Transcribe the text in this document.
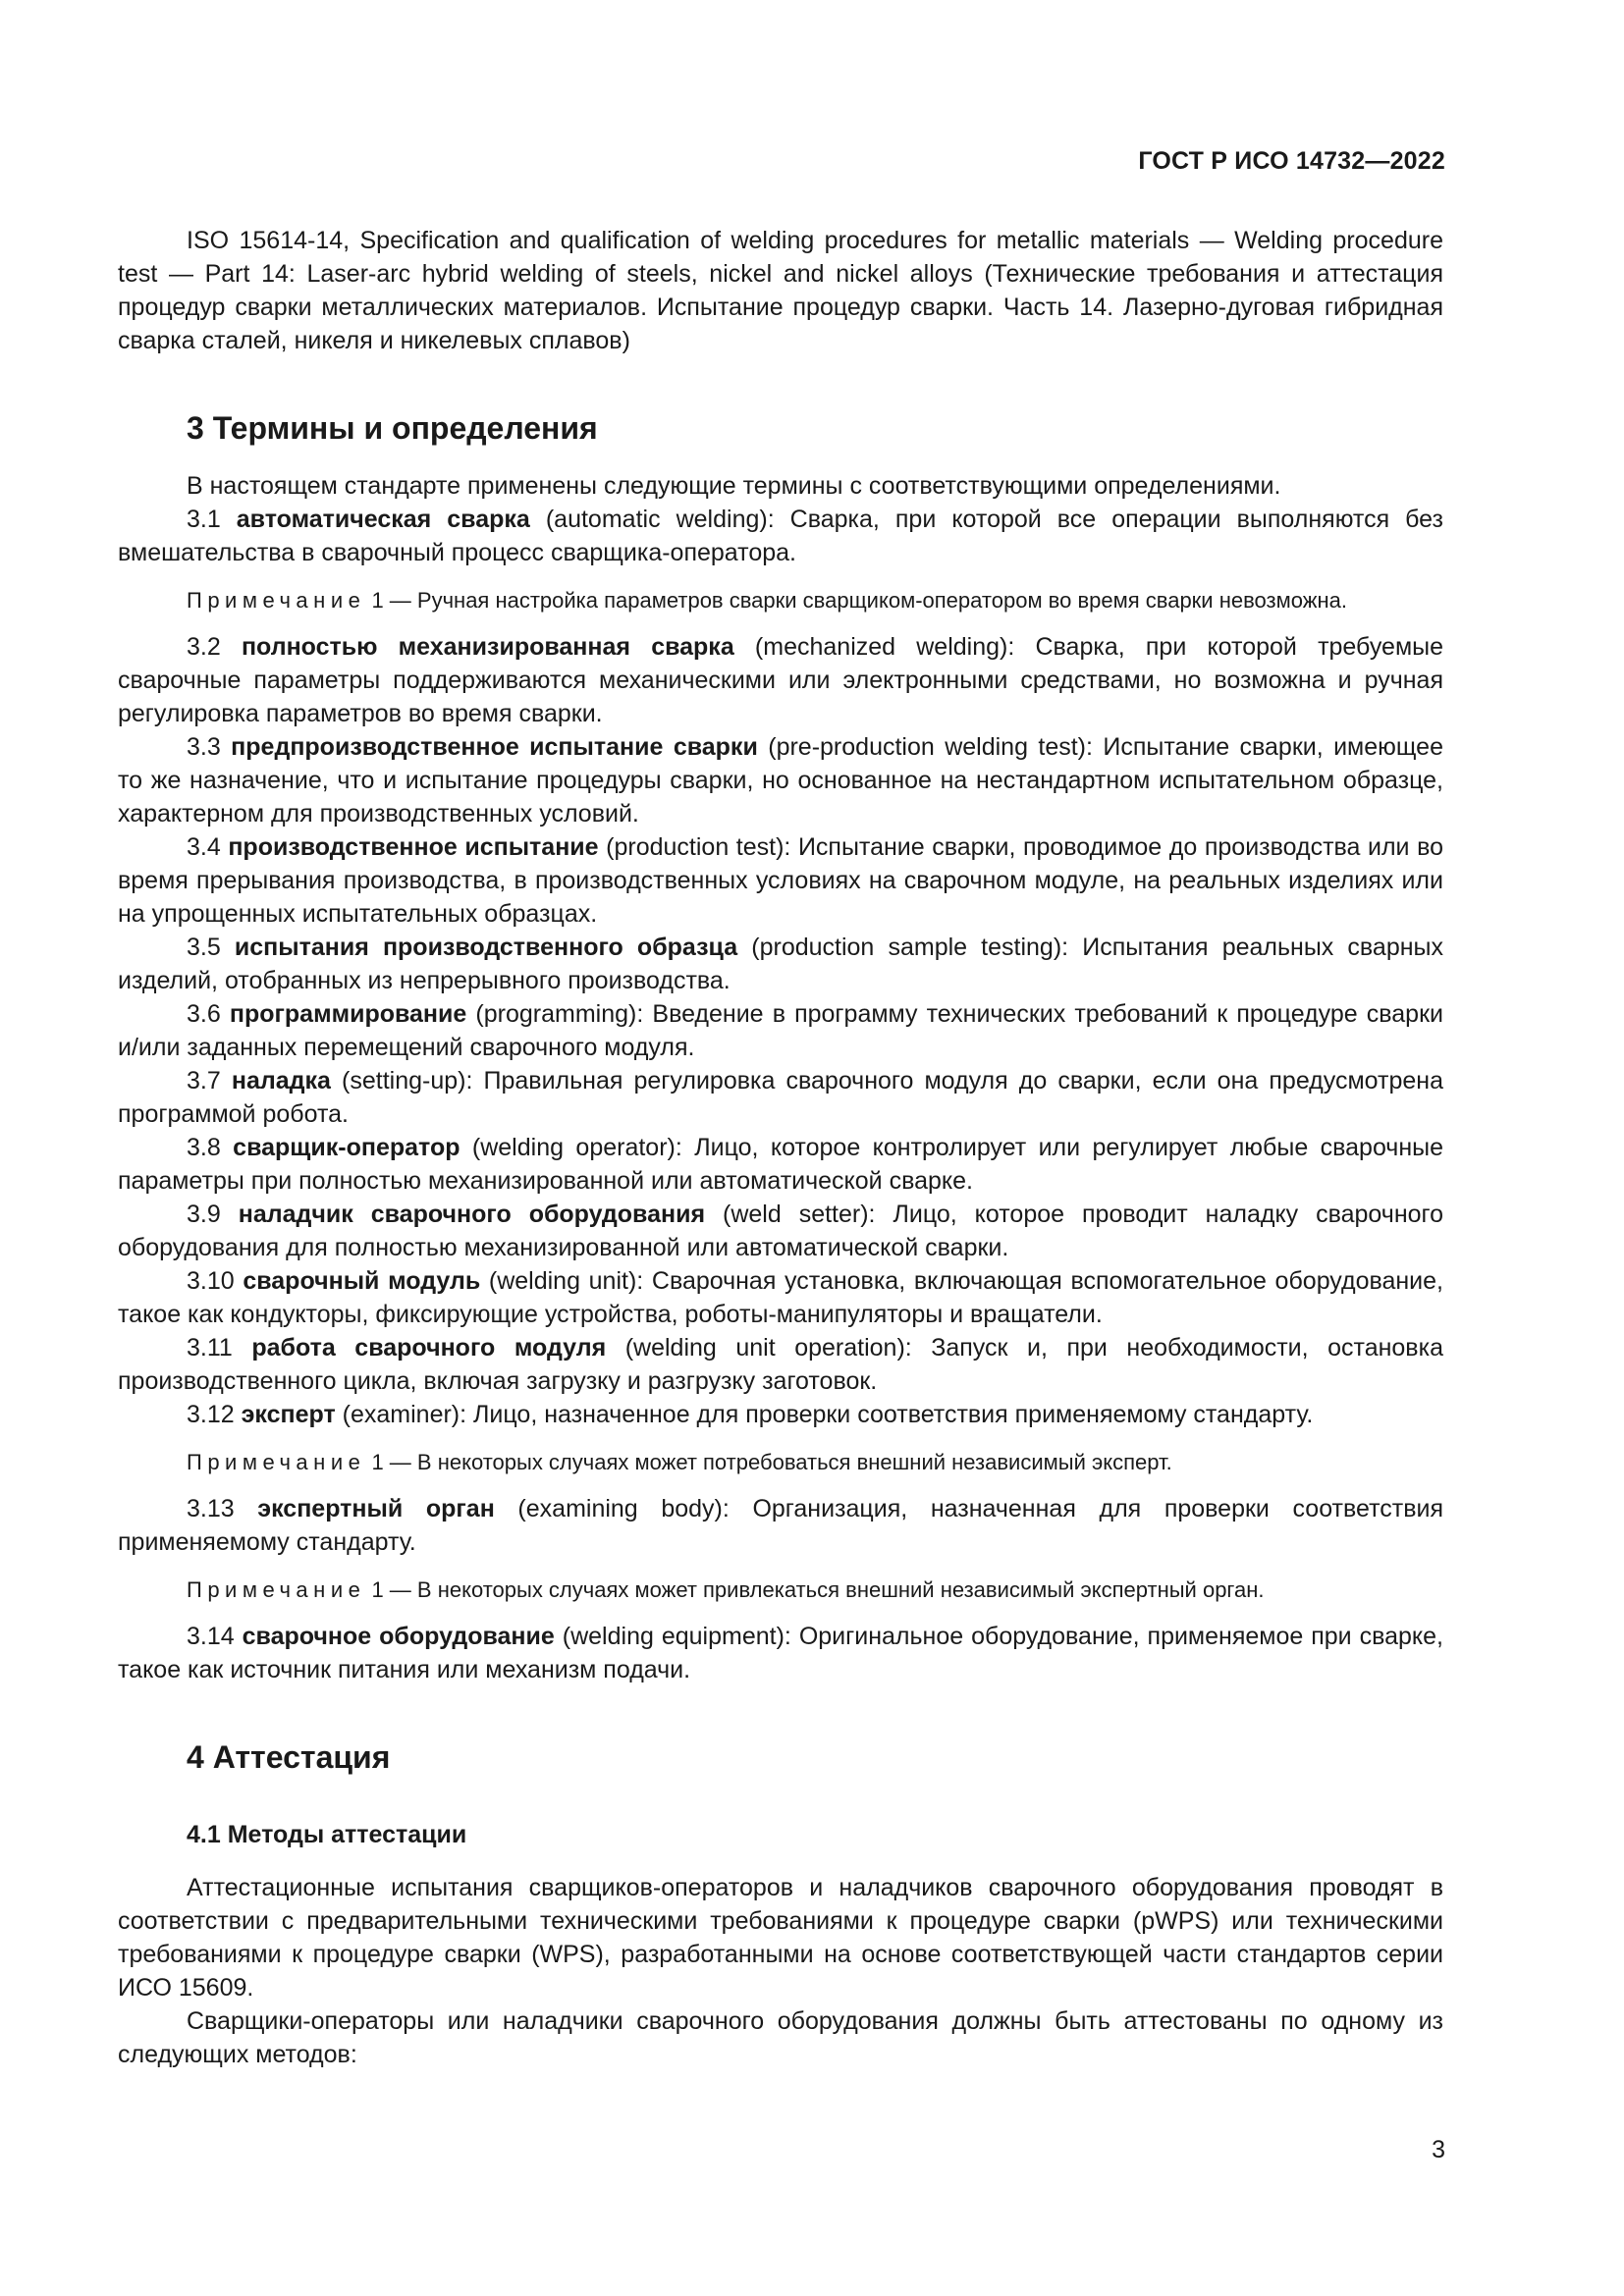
ГОСТ Р ИСО 14732—2022

ISO 15614-14, Specification and qualification of welding procedures for metallic materials — Welding procedure test — Part 14: Laser-arc hybrid welding of steels, nickel and nickel alloys (Технические требования и аттестация процедур сварки металлических материалов. Испытание процедур сварки. Часть 14. Лазерно-дуговая гибридная сварка сталей, никеля и никелевых сплавов)

3 Термины и определения

В настоящем стандарте применены следующие термины с соответствующими определениями.

3.1 автоматическая сварка (automatic welding): Сварка, при которой все операции выполняются без вмешательства в сварочный процесс сварщика-оператора.

Примечание 1 — Ручная настройка параметров сварки сварщиком-оператором во время сварки невозможна.

3.2 полностью механизированная сварка (mechanized welding): Сварка, при которой требуемые сварочные параметры поддерживаются механическими или электронными средствами, но возможна и ручная регулировка параметров во время сварки.

3.3 предпроизводственное испытание сварки (pre-production welding test): Испытание сварки, имеющее то же назначение, что и испытание процедуры сварки, но основанное на нестандартном испытательном образце, характерном для производственных условий.

3.4 производственное испытание (production test): Испытание сварки, проводимое до производства или во время прерывания производства, в производственных условиях на сварочном модуле, на реальных изделиях или на упрощенных испытательных образцах.

3.5 испытания производственного образца (production sample testing): Испытания реальных сварных изделий, отобранных из непрерывного производства.

3.6 программирование (programming): Введение в программу технических требований к процедуре сварки и/или заданных перемещений сварочного модуля.

3.7 наладка (setting-up): Правильная регулировка сварочного модуля до сварки, если она предусмотрена программой робота.

3.8 сварщик-оператор (welding operator): Лицо, которое контролирует или регулирует любые сварочные параметры при полностью механизированной или автоматической сварке.

3.9 наладчик сварочного оборудования (weld setter): Лицо, которое проводит наладку сварочного оборудования для полностью механизированной или автоматической сварки.

3.10 сварочный модуль (welding unit): Сварочная установка, включающая вспомогательное оборудование, такое как кондукторы, фиксирующие устройства, роботы-манипуляторы и вращатели.

3.11 работа сварочного модуля (welding unit operation): Запуск и, при необходимости, остановка производственного цикла, включая загрузку и разгрузку заготовок.

3.12 эксперт (examiner): Лицо, назначенное для проверки соответствия применяемому стандарту.

Примечание 1 — В некоторых случаях может потребоваться внешний независимый эксперт.

3.13 экспертный орган (examining body): Организация, назначенная для проверки соответствия применяемому стандарту.

Примечание 1 — В некоторых случаях может привлекаться внешний независимый экспертный орган.

3.14 сварочное оборудование (welding equipment): Оригинальное оборудование, применяемое при сварке, такое как источник питания или механизм подачи.

4 Аттестация

4.1 Методы аттестации

Аттестационные испытания сварщиков-операторов и наладчиков сварочного оборудования проводят в соответствии с предварительными техническими требованиями к процедуре сварки (pWPS) или техническими требованиями к процедуре сварки (WPS), разработанными на основе соответствующей части стандартов серии ИСО 15609.

Сварщики-операторы или наладчики сварочного оборудования должны быть аттестованы по одному из следующих методов:

3
